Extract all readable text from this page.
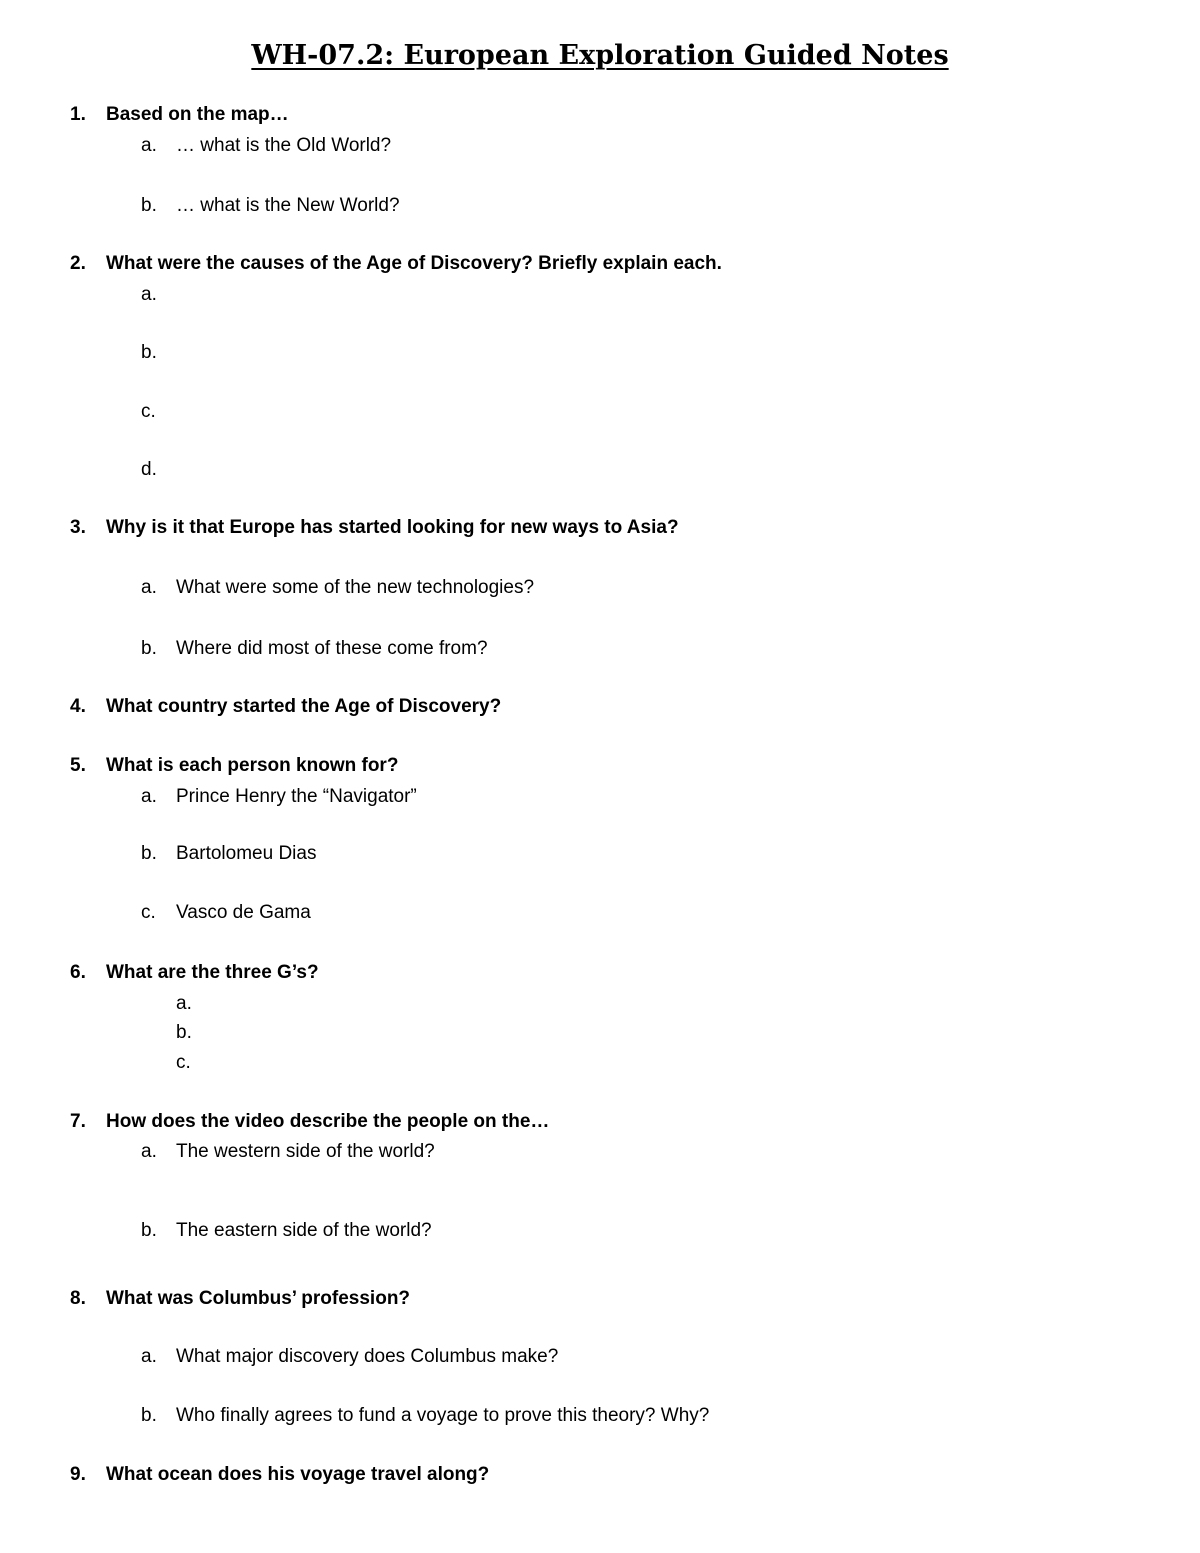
WH-07.2: European Exploration Guided Notes
1. Based on the map…
a. … what is the Old World?
b. … what is the New World?
2. What were the causes of the Age of Discovery? Briefly explain each.
a.
b.
c.
d.
3. Why is it that Europe has started looking for new ways to Asia?
a. What were some of the new technologies?
b. Where did most of these come from?
4. What country started the Age of Discovery?
5. What is each person known for?
a. Prince Henry the “Navigator”
b. Bartolomeu Dias
c. Vasco de Gama
6. What are the three G’s?
a.
b.
c.
7. How does the video describe the people on the…
a. The western side of the world?
b. The eastern side of the world?
8. What was Columbus’ profession?
a. What major discovery does Columbus make?
b. Who finally agrees to fund a voyage to prove this theory? Why?
9. What ocean does his voyage travel along?
